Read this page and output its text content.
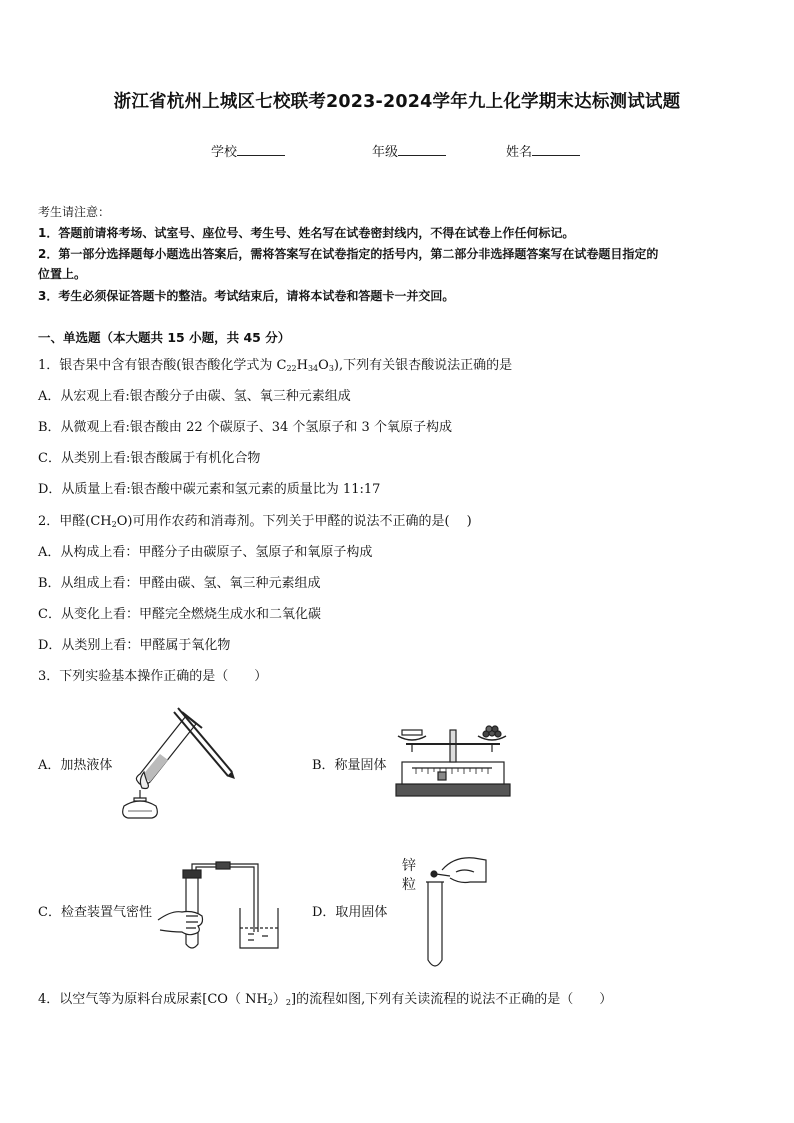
浙江省杭州上城区七校联考2023-2024学年九上化学期末达标测试试题
学校	年级	姓名
考生请注意：
1．答题前请将考场、试室号、座位号、考生号、姓名写在试卷密封线内，不得在试卷上作任何标记。
2．第一部分选择题每小题选出答案后，需将答案写在试卷指定的括号内，第二部分非选择题答案写在试卷题目指定的
位置上。
3．考生必须保证答题卡的整洁。考试结束后，请将本试卷和答题卡一并交回。
一、单选题（本大题共 15 小题，共 45 分）
1．银杏果中含有银杏酸(银杏酸化学式为 $C_{22}H_{34}O_3$),下列有关银杏酸说法正确的是
A．从宏观上看:银杏酸分子由碳、氢、氧三种元素组成
B．从微观上看:银杏酸由 22 个碳原子、34 个氢原子和 3 个氧原子构成
C．从类别上看:银杏酸属于有机化合物
D．从质量上看:银杏酸中碳元素和氢元素的质量比为 11:17
2．甲醛$(CH_2O)$可用作农药和消毒剂。下列关于甲醛的说法不正确的是(　 )
A．从构成上看：甲醛分子由碳原子、氢原子和氧原子构成
B．从组成上看：甲醛由碳、氢、氧三种元素组成
C．从变化上看：甲醛完全燃烧生成水和二氧化碳
D．从类别上看：甲醛属于氧化物
3．下列实验基本操作正确的是（　　）
A．加热液体	B．称量固体
C．检查装置气密性	D．取用固体
锌
粒
4．以空气等为原料台成尿素[CO（ $NH_2)_2$]的流程如图,下列有关读流程的说法不正确的是（　　）
